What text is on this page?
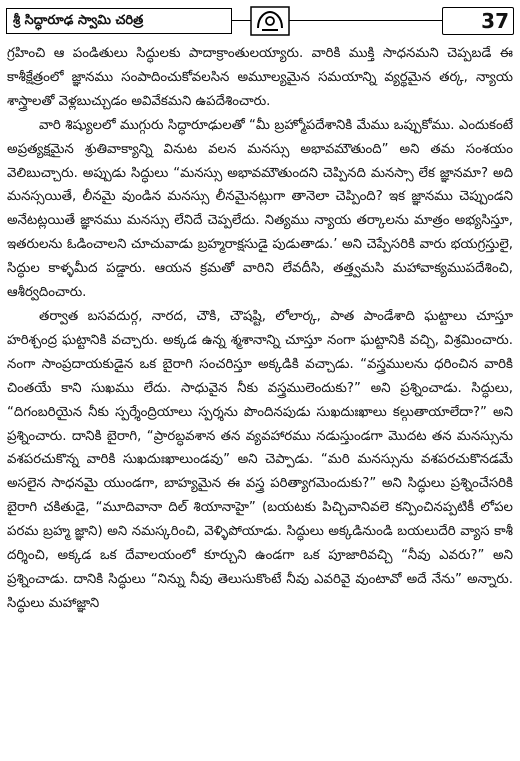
శ్రీ సిద్ధారూఢ స్వామి చరిత్ర	37

గ్రహించి ఆ పండితులు సిద్ధులకు పాదాక్రాంతులయ్యారు. వారికి ముక్తి సాధనమని చెప్పబడే ఈ కాశీక్షేత్రంలో జ్ఞానము సంపాదించుకోవలసిన అమూల్యమైన సమయాన్ని వ్యర్థమైన తర్క, న్యాయ శాస్త్రాలతో వెళ్లబుచ్చుడం అవివేకమని ఉపదేశించారు.

వారి శిష్యులలో ముగ్గురు సిద్ధారూఢులతో “మీ బ్రహ్మోపదేశానికి మేము ఒప్పుకోము. ఎందుకంటే అప్రత్యక్షమైన శ్రుతివాక్యాన్ని వినుట వలన మనస్సు అభావమౌతుంది” అని తమ సంశయం వెలిబుచ్చారు. అప్పుడు సిద్ధులు “మనస్సు అభావమౌతుందని చెప్పినది మనస్సా లేక జ్ఞానమా? అది మనస్సయితే, లీనమై వుండిన మనస్సు లీనమైనట్లుగా తానెలా చెప్పింది? ఇక జ్ఞానము చెప్పుండని అనేటట్లయితే జ్ఞానము మనస్సు లేనిదే చెప్పలేదు. నిత్యము న్యాయ తర్కాలను మాత్రం అభ్యసిస్తూ, ఇతరులను ఓడించాలని చూచువాడు బ్రహ్మరాక్షసుడై పుడుతాడు.’ అని చెప్పేసరికి వారు భయగ్రస్తులై, సిద్ధుల కాళ్ళమీద పడ్డారు. ఆయన క్రమతో వారిని లేవదీసి, తత్త్వమసి మహావాక్యముపదేశించి, ఆశీర్వదించారు.

తర్వాత బసవదుర్గ, నారద, చౌకి, చౌషష్టి, లోలార్క, పాత పాండేశాది ఘట్టాలు చూస్తూ హరిశ్చంద్ర ఘట్టానికి వచ్చారు. అక్కడ ఉన్న శ్మశానాన్ని చూస్తూ నంగా ఘట్టానికి వచ్చి, విశ్రమించారు. నంగా సాంప్రదాయకుడైన ఒక బైరాగి సంచరిస్తూ అక్కడికి వచ్చాడు. “వస్త్రములను ధరించిన వారికి చింతయే కాని సుఖము లేదు. సాధువైన నీకు వస్త్రములెందుకు?” అని ప్రశ్నించాడు. సిద్ధులు, “దిగంబరియైన నీకు స్పర్శేంద్రియాలు స్పర్శను పొందినపుడు సుఖదుఃఖాలు కల్గుతాయాలేదా?” అని ప్రశ్నించారు. దానికి బైరాగి, “ప్రారబ్ధవశాన తన వ్యవహారము నడుస్తుండగా మొదట తన మనస్సును వశపరచుకొన్న వారికి సుఖదుఃఖాలుండవు” అని చెప్పాడు. “మరి మనస్సును వశపరచుకొనడమే అసలైన సాధనమై యుండగా, బాహ్యమైన ఈ వస్త్ర పరిత్యాగమెందుకు?” అని సిద్ధులు ప్రశ్నించేసరికి బైరాగి చకితుడై, “మూదివానా దిల్ శియానాహై” (బయటకు పిచ్చివానివలె కన్పించినప్పటికీ లోపల పరమ బ్రహ్మ జ్ఞాని) అని నమస్కరించి, వెళ్ళిపోయాడు. సిద్ధులు అక్కడినుండి బయలుదేరి వ్యాస కాశీ దర్శించి, అక్కడ ఒక దేవాలయంలో కూర్చుని ఉండగా ఒక పూజారివచ్చి “నీవు ఎవరు?” అని ప్రశ్నించాడు. దానికి సిద్ధులు “నిన్ను నీవు తెలుసుకొంటే నీవు ఎవరివై వుంటావో అదే నేను” అన్నారు. సిద్ధులు మహాజ్ఞాని
